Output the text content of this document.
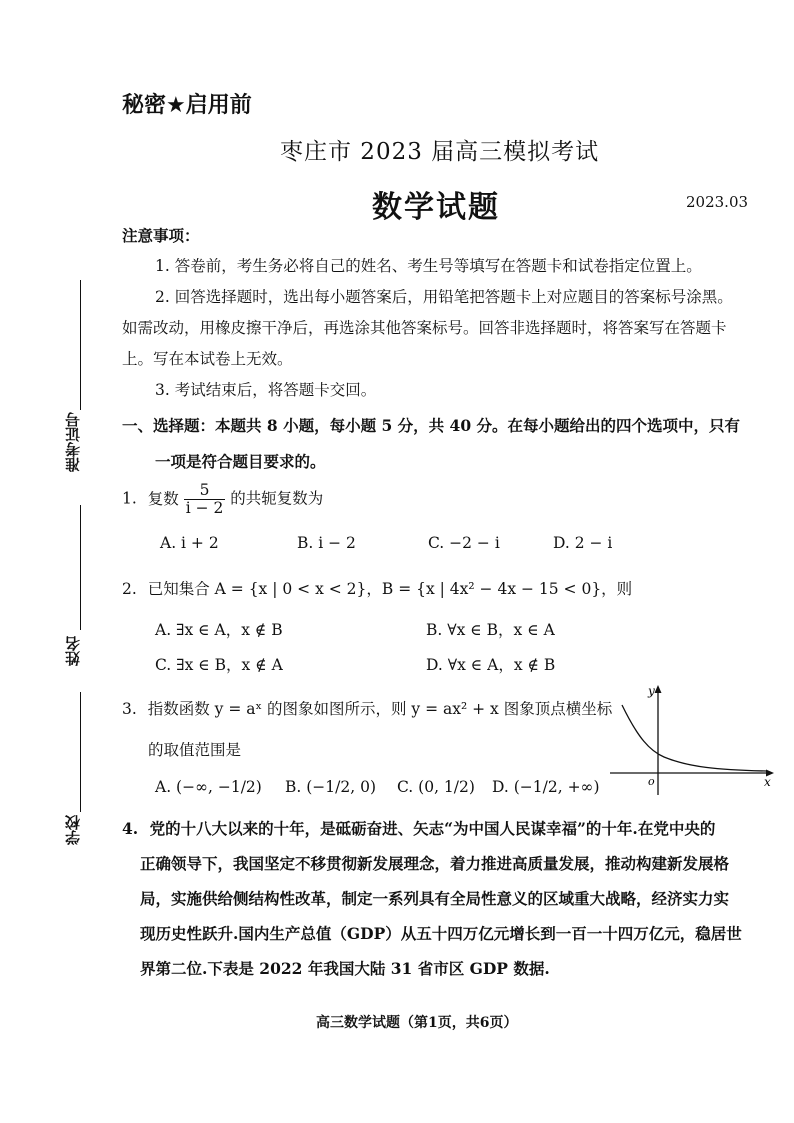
准考证号
姓名
学校
秘密★启用前
枣庄市 2023 届高三模拟考试
数学试题	2023.03
注意事项：
1. 答卷前，考生务必将自己的姓名、考生号等填写在答题卡和试卷指定位置上。
2. 回答选择题时，选出每小题答案后，用铅笔把答题卡上对应题目的答案标号涂黑。
如需改动，用橡皮擦干净后，再选涂其他答案标号。回答非选择题时，将答案写在答题卡
上。写在本试卷上无效。
3. 考试结束后，将答题卡交回。
一、选择题：本题共 8 小题，每小题 5 分，共 40 分。在每小题给出的四个选项中，只有
一项是符合题目要求的。
1. 复数 $\frac{5}{i - 2}$ 的共轭复数为
A. i + 2	B. i − 2	C. −2 − i	D. 2 − i
2. 已知集合 A = {x | 0 < x < 2}，B = {x | 4x² − 4x − 15 < 0}，则
A. ∃x ∈ A，x ∉ B	B. ∀x ∈ B，x ∈ A
C. ∃x ∈ B，x ∉ A	D. ∀x ∈ A，x ∉ B
3. 指数函数 y = aˣ 的图象如图所示，则 y = ax² + x 图象顶点横坐标
的取值范围是
A. (−∞, −1/2) B. (−1/2, 0) C. (0, 1/2) D. (−1/2, +∞)
y
x
o
4. 党的十八大以来的十年，是砥砺奋进、矢志“为中国人民谋幸福”的十年.在党中央的
正确领导下，我国坚定不移贯彻新发展理念，着力推进高质量发展，推动构建新发展格
局，实施供给侧结构性改革，制定一系列具有全局性意义的区域重大战略，经济实力实
现历史性跃升.国内生产总值（GDP）从五十四万亿元增长到一百一十四万亿元，稳居世
界第二位.下表是 2022 年我国大陆 31 省市区 GDP 数据.
高三数学试题（第1页，共6页）
